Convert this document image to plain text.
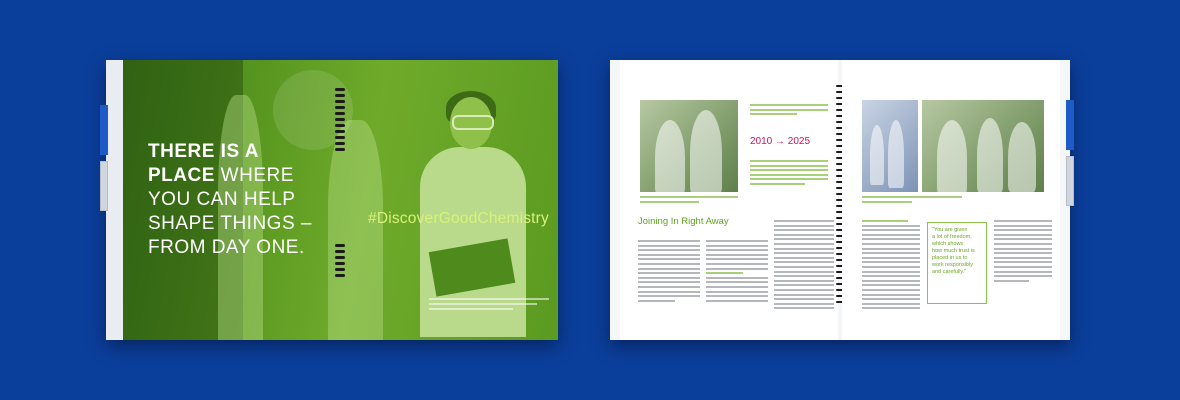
THERE IS A
PLACE WHERE
YOU CAN HELP
SHAPE THINGS –
FROM DAY ONE.
#DiscoverGoodChemistry
2010 → 2025
Joining In Right Away
"You are given
a lot of freedom,
which shows
how much trust is
placed in us to
work responsibly
and carefully."
